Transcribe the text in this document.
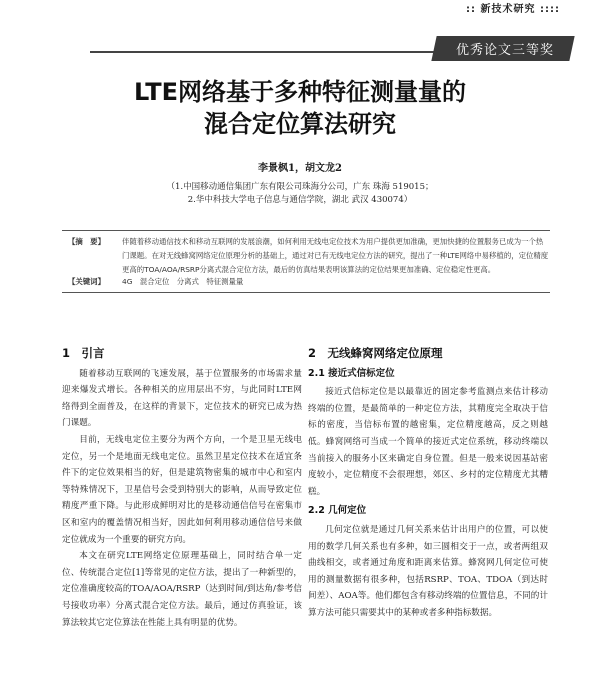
:: 新技术研究 ::::
优秀论文三等奖
LTE网络基于多种特征测量量的
混合定位算法研究
李景枫1，胡文龙2
（1.中国移动通信集团广东有限公司珠海分公司，广东 珠海 519015；
2.华中科技大学电子信息与通信学院，湖北 武汉 430074）
【摘　要】 伴随着移动通信技术和移动互联网的发展浪潮，如何利用无线电定位技术为用户提供更加准确，更加快捷的位置服务已成为一个热门课题。在对无线蜂窝网络定位原理分析的基础上，通过对已有无线电定位方法的研究，提出了一种LTE网络中易移植的，定位精度更高的TOA/AOA/RSRP分离式混合定位方法，最后的仿真结果表明该算法的定位结果更加准确、定位稳定性更高。
【关键词】 4G　混合定位　分离式　特征测量量
1　引言

随着移动互联网的飞速发展，基于位置服务的市场需求量迎来爆发式增长。各种相关的应用层出不穷，与此同时LTE网络得到全面普及，在这样的背景下，定位技术的研究已成为热门课题。

目前，无线电定位主要分为两个方向，一个是卫星无线电定位，另一个是地面无线电定位。虽然卫星定位技术在适宜条件下的定位效果相当的好，但是建筑物密集的城市中心和室内等特殊情况下，卫星信号会受到特别大的影响，从而导致定位精度严重下降。与此形成鲜明对比的是移动通信信号在密集市区和室内的覆盖情况相当好，因此如何利用移动通信信号来做定位就成为一个重要的研究方向。

本文在研究LTE网络定位原理基础上，同时结合单一定位、传统混合定位[1]等常见的定位方法，提出了一种新型的，定位准确度较高的TOA/AOA/RSRP（达到时间/到达角/参考信号接收功率）分离式混合定位方法。最后，通过仿真验证，该算法较其它定位算法在性能上具有明显的优势。

2　无线蜂窝网络定位原理
2.1 接近式信标定位

接近式信标定位是以最靠近的固定参考监测点来估计移动终端的位置，是最简单的一种定位方法，其精度完全取决于信标的密度，当信标布置的越密集，定位精度越高，反之则越低。蜂窝网络可当成一个简单的接近式定位系统，移动终端以当前接入的服务小区来确定自身位置。但是一般来说因基站密度较小，定位精度不会很理想，郊区、乡村的定位精度尤其糟糕。

2.2 几何定位

几何定位就是通过几何关系来估计出用户的位置，可以使用的数学几何关系也有多种，如三圆相交于一点，或者两组双曲线相交，或者通过角度和距离来估算。蜂窝网几何定位可使用的测量数据有很多种，包括RSRP、TOA、TDOA（到达时间差）、AOA等。他们都包含有移动终端的位置信息，不同的计算方法可能只需要其中的某种或者多种指标数据。
